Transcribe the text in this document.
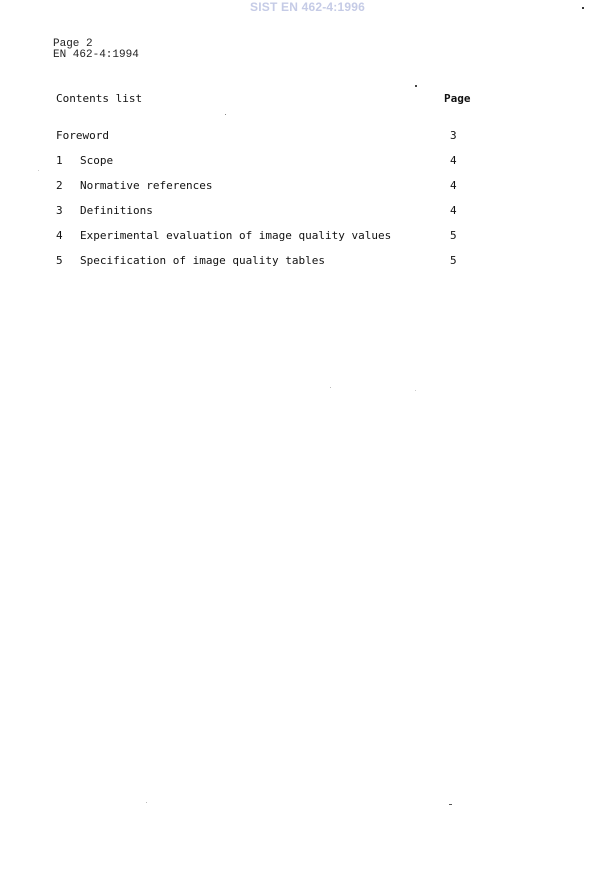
SIST EN 462-4:1996
Page 2
EN 462-4:1994
Contents list	Page
Foreword	3
1 Scope	4
2 Normative references	4
3 Definitions	4
4 Experimental evaluation of image quality values	5
5 Specification of image quality tables	5
